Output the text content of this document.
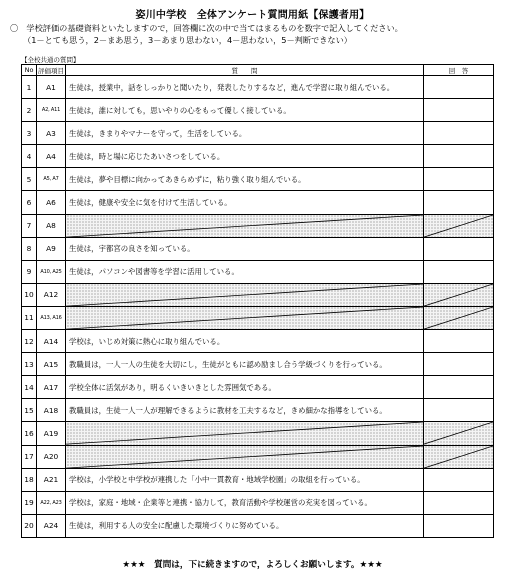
姿川中学校　全体アンケート質問用紙【保護者用】
〇　学校評価の基礎資料といたしますので，回答欄に次の中で当てはまるものを数字で記入してください。
（1－とても思う，2－まあ思う，3－あまり思わない，4－思わない，5－判断できない）
【全校共通の質問】
No	評価項目	質　　問	回　答
1	A1	生徒は，授業中，話をしっかりと聞いたり，発表したりするなど，進んで学習に取り組んでいる。	
2	A2, A11	生徒は，誰に対しても，思いやりの心をもって優しく接している。	
3	A3	生徒は，きまりやマナーを守って，生活をしている。	
4	A4	生徒は，時と場に応じたあいさつをしている。	
5	A5, A7	生徒は，夢や目標に向かってあきらめずに，粘り強く取り組んでいる。	
6	A6	生徒は，健康や安全に気を付けて生活している。	
7	A8	

8	A9	生徒は，宇都宮の良さを知っている。	
9	A10, A25	生徒は，パソコンや図書等を学習に活用している。	
10	A12	

11	A13, A16	

12	A14	学校は，いじめ対策に熱心に取り組んでいる。	
13	A15	教職員は，一人一人の生徒を大切にし，生徒がともに認め励まし合う学級づくりを行っている。	
14	A17	学校全体に活気があり，明るくいきいきとした雰囲気である。	
15	A18	教職員は，生徒一人一人が理解できるように教材を工夫するなど，きめ細かな指導をしている。	
16	A19	

17	A20	

18	A21	学校は，小学校と中学校が連携した「小中一貫教育・地域学校園」の取組を行っている。	
19	A22, A23	学校は，家庭・地域・企業等と連携・協力して，教育活動や学校運営の充実を図っている。	
20	A24	生徒は，利用する人の安全に配慮した環境づくりに努めている。	
★★★　質問は，下に続きますので，よろしくお願いします。★★★
